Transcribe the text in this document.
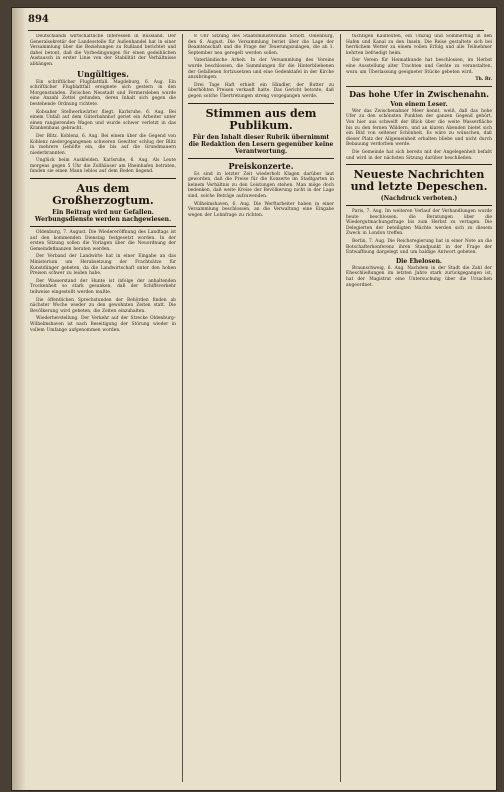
894

Deutschlands wirtschaftliche Interessen in Russland. Der Generalsekretär der Landesstelle für Außenhandel hat in einer Versammlung über die Beziehungen zu Rußland berichtet und dabei betont, daß die Vorbedingungen für einen gedeihlichen Austausch in erster Linie von der Stabilität der Verhältnisse abhängen.

Ungültiges.

Ein schriftlicher Flugblattfall. Magdeburg, 6. Aug. Ein schriftlicher Flugblattfall ereignete sich gestern in den Morgenstunden. Zwischen Neustadt und Fermersleben wurde eine Anzahl Zettel gefunden, deren Inhalt sich gegen die bestehende Ordnung richtete.

Kobsaßer Stellwerkwärter fliegt. Karlsruhe, 6. Aug. Bei einem Unfall auf dem Güterbahnhof geriet ein Arbeiter unter einen rangierenden Wagen und wurde schwer verletzt in das Krankenhaus gebracht.

Der Blitz. Koblenz, 6. Aug. Bei einem über die Gegend von Koblenz niedergegangenen schweren Gewitter schlug der Blitz in mehrere Gehöfte ein, die bis auf die Grundmauern niederbrannten.

Unglück beim Auskleiden. Karlsruhe, 6. Aug. Als Leute morgens gegen 5 Uhr die Zollhäuser am Rheinhafen betraten, fanden sie einen Mann leblos auf dem Boden liegend.

Aus dem Großherzogtum.
Ein Beitrag wird nur Gefallen. Werbungsdienste werden nachgewiesen.

Oldenburg, 7. August. Die Wiedereröffnung des Landtags ist auf den kommenden Dienstag festgesetzt worden. In der ersten Sitzung sollen die Vorlagen über die Neuordnung der Gemeindefinanzen beraten werden.

Der Verband der Landwirte hat in einer Eingabe an das Ministerium um Herabsetzung der Frachtsätze für Kunstdünger gebeten, da die Landwirtschaft unter den hohen Preisen schwer zu leiden habe.

Der Wasserstand der Hunte ist infolge der anhaltenden Trockenheit so stark gesunken, daß der Schiffsverkehr teilweise eingestellt werden mußte.

Die öffentlichen Sprechstunden der Behörden finden ab nächster Woche wieder zu den gewohnten Zeiten statt. Die Bevölkerung wird gebeten, die Zeiten einzuhalten.

Wiederherstellung. Der Verkehr auf der Strecke Oldenburg–Wilhelmshaven ist nach Beseitigung der Störung wieder in vollem Umfange aufgenommen worden.

8 Uhr Sitzung des Staatsministeriums Schott. Oldenburg, den 6. August. Die Versammlung beriet über die Lage der Beamtenschaft und die Frage der Teuerungszulagen, die ab 1. September neu geregelt werden sollen.

Vaterländische Arbeit. In der Versammlung des Vereins wurde beschlossen, die Sammlungen für die Hinterbliebenen der Gefallenen fortzusetzen und eine Gedenktafel in der Kirche anzubringen.

Drei Tage Haft erhielt ein Händler, der Butter zu überhöhten Preisen verkauft hatte. Das Gericht betonte, daß gegen solche Übertretungen streng vorgegangen werde.

Stimmen aus dem Publikum.
Für den Inhalt dieser Rubrik übernimmt die Redaktion den Lesern gegenüber keine Verantwortung.
Preiskonzerte.

Es sind in letzter Zeit wiederholt Klagen darüber laut geworden, daß die Preise für die Konzerte im Stadtgarten in keinem Verhältnis zu den Leistungen stehen. Man möge doch bedenken, daß weite Kreise der Bevölkerung nicht in der Lage sind, solche Beträge aufzuwenden.

Wilhelmshaven, 6. Aug. Die Werftarbeiter haben in einer Versammlung beschlossen, an die Verwaltung eine Eingabe wegen der Lohnfrage zu richten.

tüchtigen Kaufleuten, ein Umzug und Sommerflug in den Hafen und Kanal zu den Inseln. Die Reise gestaltete sich bei herrlichem Wetter zu einem vollen Erfolg und alle Teilnehmer kehrten befriedigt heim.

Der Verein für Heimatkunde hat beschlossen, im Herbst eine Ausstellung alter Trachten und Geräte zu veranstalten, wozu um Überlassung geeigneter Stücke gebeten wird.

Th. Br.
Das hohe Ufer in Zwischenahn.
Von einem Leser.

Wer das Zwischenahner Meer kennt, weiß, daß das hohe Ufer zu den schönsten Punkten der ganzen Gegend gehört. Von hier aus schweift der Blick über die weite Wasserfläche bis zu den fernen Wäldern, und an klaren Abenden bietet sich ein Bild von seltener Schönheit. Es wäre zu wünschen, daß dieser Platz der Allgemeinheit erhalten bliebe und nicht durch Bebauung verdorben werde.

Die Gemeinde hat sich bereits mit der Angelegenheit befaßt und wird in der nächsten Sitzung darüber beschließen.

Neueste Nachrichten und letzte Depeschen.
(Nachdruck verboten.)

Paris, 7. Aug. Im weiteren Verlauf der Verhandlungen wurde heute beschlossen, die Beratungen über die Wiedergutmachungsfrage bis zum Herbst zu vertagen. Die Delegierten der beteiligten Mächte werden sich zu diesem Zweck in London treffen.

Berlin, 7. Aug. Die Reichsregierung hat in einer Note an die Botschafterkonferenz ihren Standpunkt in der Frage der Entwaffnung dargelegt und um baldige Antwort gebeten.

Die Ehelosen.

Braunschweig, 6. Aug. Nachdem in der Stadt die Zahl der Eheschließungen im letzten Jahre stark zurückgegangen ist, hat der Magistrat eine Untersuchung über die Ursachen angeordnet.
